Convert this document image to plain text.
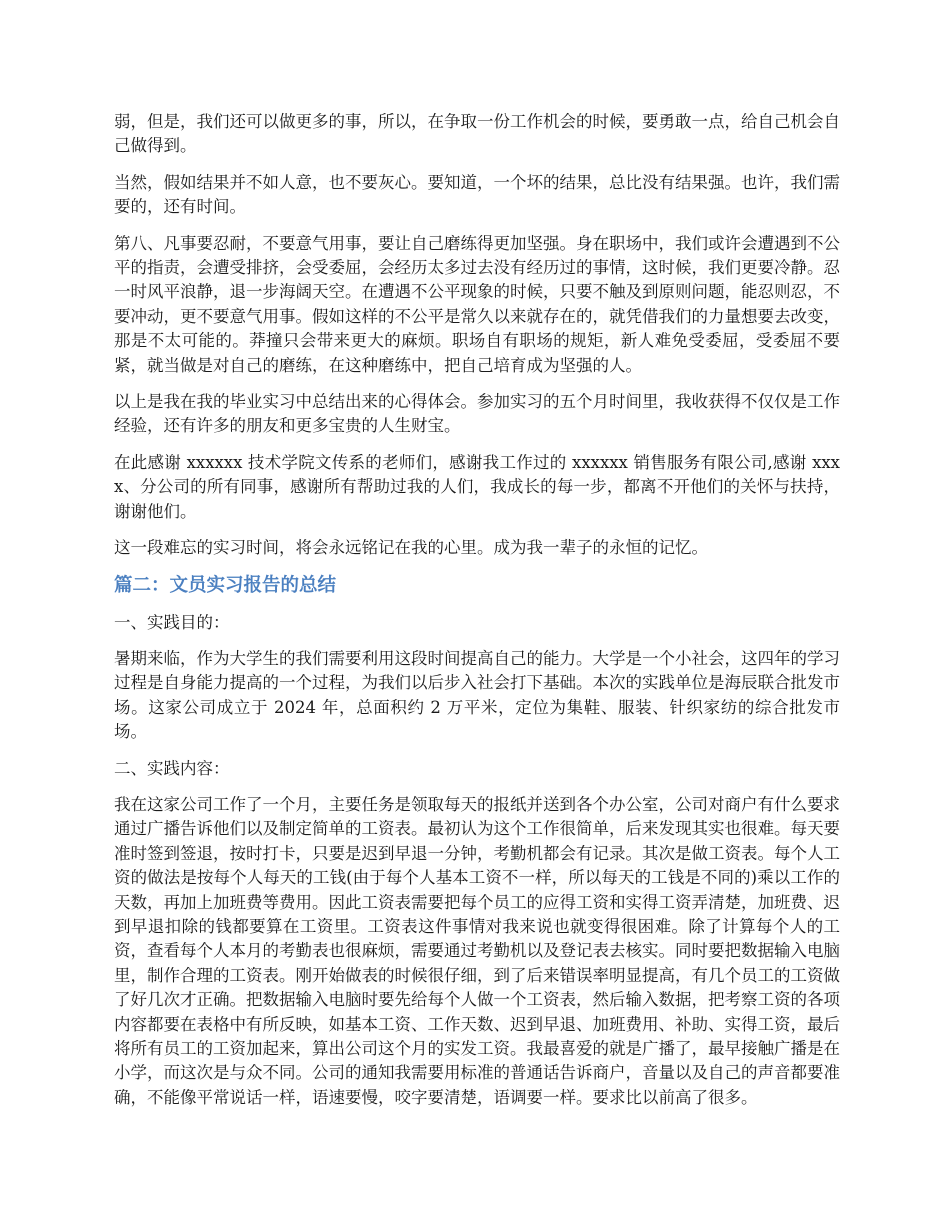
弱，但是，我们还可以做更多的事，所以，在争取一份工作机会的时候，要勇敢一点，给自己机会自己做得到。

当然，假如结果并不如人意，也不要灰心。要知道，一个坏的结果，总比没有结果强。也许，我们需要的，还有时间。

第八、凡事要忍耐，不要意气用事，要让自己磨练得更加坚强。身在职场中，我们或许会遭遇到不公平的指责，会遭受排挤，会受委屈，会经历太多过去没有经历过的事情，这时候，我们更要冷静。忍一时风平浪静，退一步海阔天空。在遭遇不公平现象的时候，只要不触及到原则问题，能忍则忍，不要冲动，更不要意气用事。假如这样的不公平是常久以来就存在的，就凭借我们的力量想要去改变，那是不太可能的。莽撞只会带来更大的麻烦。职场自有职场的规矩，新人难免受委屈，受委屈不要紧，就当做是对自己的磨练，在这种磨练中，把自己培育成为坚强的人。

以上是我在我的毕业实习中总结出来的心得体会。参加实习的五个月时间里，我收获得不仅仅是工作经验，还有许多的朋友和更多宝贵的人生财宝。

在此感谢 xxxxxx 技术学院文传系的老师们，感谢我工作过的 xxxxxx 销售服务有限公司,感谢 xxxx、分公司的所有同事，感谢所有帮助过我的人们，我成长的每一步，都离不开他们的关怀与扶持，谢谢他们。

这一段难忘的实习时间，将会永远铭记在我的心里。成为我一辈子的永恒的记忆。

篇二：文员实习报告的总结

一、实践目的：

暑期来临，作为大学生的我们需要利用这段时间提高自己的能力。大学是一个小社会，这四年的学习过程是自身能力提高的一个过程，为我们以后步入社会打下基础。本次的实践单位是海辰联合批发市场。这家公司成立于 2024 年，总面积约 2 万平米，定位为集鞋、服装、针织家纺的综合批发市场。

二、实践内容：

我在这家公司工作了一个月，主要任务是领取每天的报纸并送到各个办公室，公司对商户有什么要求通过广播告诉他们以及制定简单的工资表。最初认为这个工作很简单，后来发现其实也很难。每天要准时签到签退，按时打卡，只要是迟到早退一分钟，考勤机都会有记录。其次是做工资表。每个人工资的做法是按每个人每天的工钱(由于每个人基本工资不一样，所以每天的工钱是不同的)乘以工作的天数，再加上加班费等费用。因此工资表需要把每个员工的应得工资和实得工资弄清楚，加班费、迟到早退扣除的钱都要算在工资里。工资表这件事情对我来说也就变得很困难。除了计算每个人的工资，查看每个人本月的考勤表也很麻烦，需要通过考勤机以及登记表去核实。同时要把数据输入电脑里，制作合理的工资表。刚开始做表的时候很仔细，到了后来错误率明显提高，有几个员工的工资做了好几次才正确。把数据输入电脑时要先给每个人做一个工资表，然后输入数据，把考察工资的各项内容都要在表格中有所反映，如基本工资、工作天数、迟到早退、加班费用、补助、实得工资，最后将所有员工的工资加起来，算出公司这个月的实发工资。我最喜爱的就是广播了，最早接触广播是在小学，而这次是与众不同。公司的通知我需要用标准的普通话告诉商户，音量以及自己的声音都要准确，不能像平常说话一样，语速要慢，咬字要清楚，语调要一样。要求比以前高了很多。
